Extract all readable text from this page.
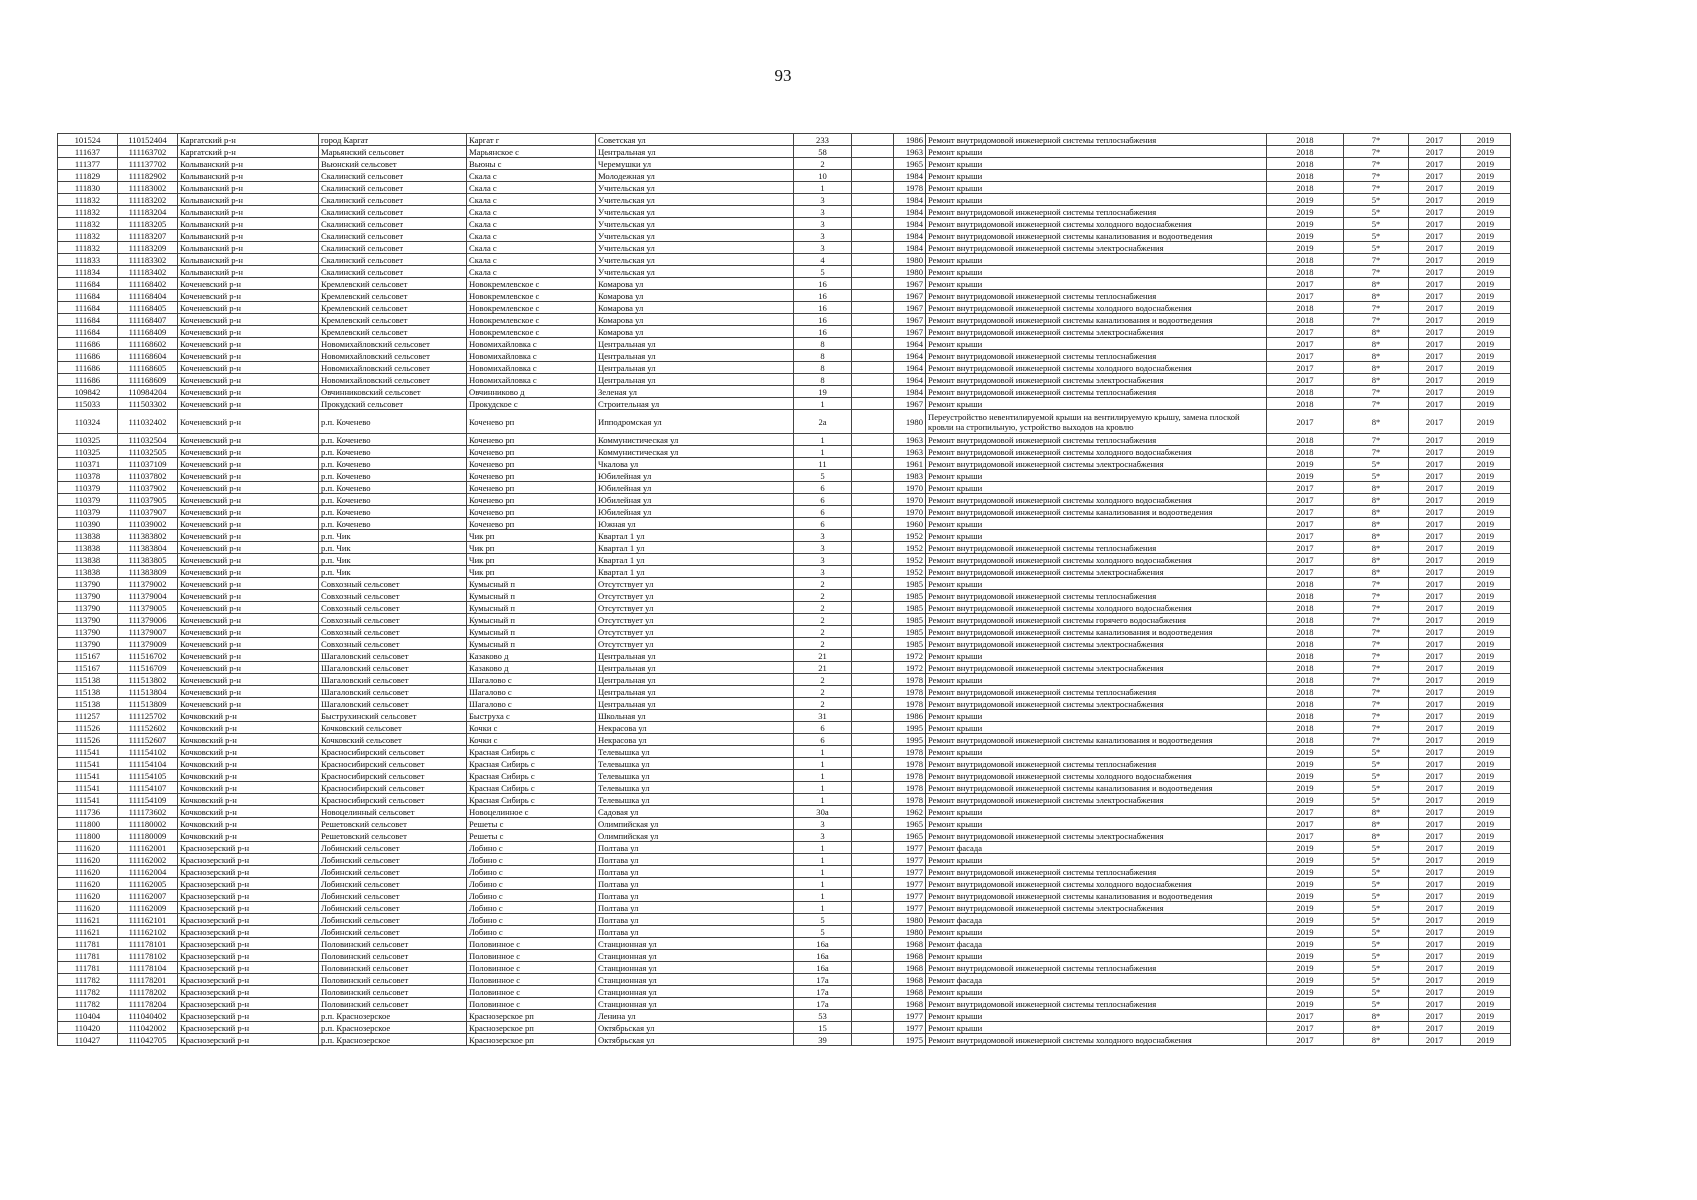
93
101524	110152404	Каргатский р-н	город Каргат	Каргат г	Советская ул	233		1986	Ремонт внутридомовой инженерной системы теплоснабжения	2018	7*	2017	2019
111637	111163702	Каргатский р-н	Марьянский сельсовет	Марьянское с	Центральная ул	58		1963	Ремонт крыши	2018	7*	2017	2019
111377	111137702	Колыванский р-н	Вьюнский сельсовет	Вьюны с	Черемушки ул	2		1965	Ремонт крыши	2018	7*	2017	2019
111829	111182902	Колыванский р-н	Скалинский сельсовет	Скала с	Молодежная ул	10		1984	Ремонт крыши	2018	7*	2017	2019
111830	111183002	Колыванский р-н	Скалинский сельсовет	Скала с	Учительская ул	1		1978	Ремонт крыши	2018	7*	2017	2019
111832	111183202	Колыванский р-н	Скалинский сельсовет	Скала с	Учительская ул	3		1984	Ремонт крыши	2019	5*	2017	2019
111832	111183204	Колыванский р-н	Скалинский сельсовет	Скала с	Учительская ул	3		1984	Ремонт внутридомовой инженерной системы теплоснабжения	2019	5*	2017	2019
111832	111183205	Колыванский р-н	Скалинский сельсовет	Скала с	Учительская ул	3		1984	Ремонт внутридомовой инженерной системы холодного водоснабжения	2019	5*	2017	2019
111832	111183207	Колыванский р-н	Скалинский сельсовет	Скала с	Учительская ул	3		1984	Ремонт внутридомовой инженерной системы канализования и водоотведения	2019	5*	2017	2019
111832	111183209	Колыванский р-н	Скалинский сельсовет	Скала с	Учительская ул	3		1984	Ремонт внутридомовой инженерной системы электроснабжения	2019	5*	2017	2019
111833	111183302	Колыванский р-н	Скалинский сельсовет	Скала с	Учительская ул	4		1980	Ремонт крыши	2018	7*	2017	2019
111834	111183402	Колыванский р-н	Скалинский сельсовет	Скала с	Учительская ул	5		1980	Ремонт крыши	2018	7*	2017	2019
111684	111168402	Коченевский р-н	Кремлевский сельсовет	Новокремлевское с	Комарова ул	16		1967	Ремонт крыши	2017	8*	2017	2019
111684	111168404	Коченевский р-н	Кремлевский сельсовет	Новокремлевское с	Комарова ул	16		1967	Ремонт внутридомовой инженерной системы теплоснабжения	2017	8*	2017	2019
111684	111168405	Коченевский р-н	Кремлевский сельсовет	Новокремлевское с	Комарова ул	16		1967	Ремонт внутридомовой инженерной системы холодного водоснабжения	2018	7*	2017	2019
111684	111168407	Коченевский р-н	Кремлевский сельсовет	Новокремлевское с	Комарова ул	16		1967	Ремонт внутридомовой инженерной системы канализования и водоотведения	2018	7*	2017	2019
111684	111168409	Коченевский р-н	Кремлевский сельсовет	Новокремлевское с	Комарова ул	16		1967	Ремонт внутридомовой инженерной системы электроснабжения	2017	8*	2017	2019
111686	111168602	Коченевский р-н	Новомихайловский сельсовет	Новомихайловка с	Центральная ул	8		1964	Ремонт крыши	2017	8*	2017	2019
111686	111168604	Коченевский р-н	Новомихайловский сельсовет	Новомихайловка с	Центральная ул	8		1964	Ремонт внутридомовой инженерной системы теплоснабжения	2017	8*	2017	2019
111686	111168605	Коченевский р-н	Новомихайловский сельсовет	Новомихайловка с	Центральная ул	8		1964	Ремонт внутридомовой инженерной системы холодного водоснабжения	2017	8*	2017	2019
111686	111168609	Коченевский р-н	Новомихайловский сельсовет	Новомихайловка с	Центральная ул	8		1964	Ремонт внутридомовой инженерной системы электроснабжения	2017	8*	2017	2019
109842	110984204	Коченевский р-н	Овчинниковский сельсовет	Овчинниково д	Зеленая ул	19		1984	Ремонт внутридомовой инженерной системы теплоснабжения	2018	7*	2017	2019
115033	111503302	Коченевский р-н	Прокудский сельсовет	Прокудское с	Строительная ул	1		1967	Ремонт крыши	2018	7*	2017	2019
110324	111032402	Коченевский р-н	р.п. Коченево	Коченево рп	Ипподромская ул	2а		1980	Переустройство невентилируемой крыши на вентилируемую крышу, замена плоской кровли на стропильную, устройство выходов на кровлю	2017	8*	2017	2019
110325	111032504	Коченевский р-н	р.п. Коченево	Коченево рп	Коммунистическая ул	1		1963	Ремонт внутридомовой инженерной системы теплоснабжения	2018	7*	2017	2019
110325	111032505	Коченевский р-н	р.п. Коченево	Коченево рп	Коммунистическая ул	1		1963	Ремонт внутридомовой инженерной системы холодного водоснабжения	2018	7*	2017	2019
110371	111037109	Коченевский р-н	р.п. Коченево	Коченево рп	Чкалова ул	11		1961	Ремонт внутридомовой инженерной системы электроснабжения	2019	5*	2017	2019
110378	111037802	Коченевский р-н	р.п. Коченево	Коченево рп	Юбилейная ул	5		1983	Ремонт крыши	2019	5*	2017	2019
110379	111037902	Коченевский р-н	р.п. Коченево	Коченево рп	Юбилейная ул	6		1970	Ремонт крыши	2017	8*	2017	2019
110379	111037905	Коченевский р-н	р.п. Коченево	Коченево рп	Юбилейная ул	6		1970	Ремонт внутридомовой инженерной системы холодного водоснабжения	2017	8*	2017	2019
110379	111037907	Коченевский р-н	р.п. Коченево	Коченево рп	Юбилейная ул	6		1970	Ремонт внутридомовой инженерной системы канализования и водоотведения	2017	8*	2017	2019
110390	111039002	Коченевский р-н	р.п. Коченево	Коченево рп	Южная ул	6		1960	Ремонт крыши	2017	8*	2017	2019
113838	111383802	Коченевский р-н	р.п. Чик	Чик рп	Квартал 1 ул	3		1952	Ремонт крыши	2017	8*	2017	2019
113838	111383804	Коченевский р-н	р.п. Чик	Чик рп	Квартал 1 ул	3		1952	Ремонт внутридомовой инженерной системы теплоснабжения	2017	8*	2017	2019
113838	111383805	Коченевский р-н	р.п. Чик	Чик рп	Квартал 1 ул	3		1952	Ремонт внутридомовой инженерной системы холодного водоснабжения	2017	8*	2017	2019
113838	111383809	Коченевский р-н	р.п. Чик	Чик рп	Квартал 1 ул	3		1952	Ремонт внутридомовой инженерной системы электроснабжения	2017	8*	2017	2019
113790	111379002	Коченевский р-н	Совхозный сельсовет	Кумысный п	Отсутствует ул	2		1985	Ремонт крыши	2018	7*	2017	2019
113790	111379004	Коченевский р-н	Совхозный сельсовет	Кумысный п	Отсутствует ул	2		1985	Ремонт внутридомовой инженерной системы теплоснабжения	2018	7*	2017	2019
113790	111379005	Коченевский р-н	Совхозный сельсовет	Кумысный п	Отсутствует ул	2		1985	Ремонт внутридомовой инженерной системы холодного водоснабжения	2018	7*	2017	2019
113790	111379006	Коченевский р-н	Совхозный сельсовет	Кумысный п	Отсутствует ул	2		1985	Ремонт внутридомовой инженерной системы горячего водоснабжения	2018	7*	2017	2019
113790	111379007	Коченевский р-н	Совхозный сельсовет	Кумысный п	Отсутствует ул	2		1985	Ремонт внутридомовой инженерной системы канализования и водоотведения	2018	7*	2017	2019
113790	111379009	Коченевский р-н	Совхозный сельсовет	Кумысный п	Отсутствует ул	2		1985	Ремонт внутридомовой инженерной системы электроснабжения	2018	7*	2017	2019
115167	111516702	Коченевский р-н	Шагаловский сельсовет	Казаково д	Центральная ул	21		1972	Ремонт крыши	2018	7*	2017	2019
115167	111516709	Коченевский р-н	Шагаловский сельсовет	Казаково д	Центральная ул	21		1972	Ремонт внутридомовой инженерной системы электроснабжения	2018	7*	2017	2019
115138	111513802	Коченевский р-н	Шагаловский сельсовет	Шагалово с	Центральная ул	2		1978	Ремонт крыши	2018	7*	2017	2019
115138	111513804	Коченевский р-н	Шагаловский сельсовет	Шагалово с	Центральная ул	2		1978	Ремонт внутридомовой инженерной системы теплоснабжения	2018	7*	2017	2019
115138	111513809	Коченевский р-н	Шагаловский сельсовет	Шагалово с	Центральная ул	2		1978	Ремонт внутридомовой инженерной системы электроснабжения	2018	7*	2017	2019
111257	111125702	Кочковский р-н	Быструхинский сельсовет	Быструха с	Школьная ул	31		1986	Ремонт крыши	2018	7*	2017	2019
111526	111152602	Кочковский р-н	Кочковский сельсовет	Кочки с	Некрасова ул	6		1995	Ремонт крыши	2018	7*	2017	2019
111526	111152607	Кочковский р-н	Кочковский сельсовет	Кочки с	Некрасова ул	6		1995	Ремонт внутридомовой инженерной системы канализования и водоотведения	2018	7*	2017	2019
111541	111154102	Кочковский р-н	Красносибирский сельсовет	Красная Сибирь с	Телевышка ул	1		1978	Ремонт крыши	2019	5*	2017	2019
111541	111154104	Кочковский р-н	Красносибирский сельсовет	Красная Сибирь с	Телевышка ул	1		1978	Ремонт внутридомовой инженерной системы теплоснабжения	2019	5*	2017	2019
111541	111154105	Кочковский р-н	Красносибирский сельсовет	Красная Сибирь с	Телевышка ул	1		1978	Ремонт внутридомовой инженерной системы холодного водоснабжения	2019	5*	2017	2019
111541	111154107	Кочковский р-н	Красносибирский сельсовет	Красная Сибирь с	Телевышка ул	1		1978	Ремонт внутридомовой инженерной системы канализования и водоотведения	2019	5*	2017	2019
111541	111154109	Кочковский р-н	Красносибирский сельсовет	Красная Сибирь с	Телевышка ул	1		1978	Ремонт внутридомовой инженерной системы электроснабжения	2019	5*	2017	2019
111736	111173602	Кочковский р-н	Новоцелинный сельсовет	Новоцелинное с	Садовая ул	30а		1962	Ремонт крыши	2017	8*	2017	2019
111800	111180002	Кочковский р-н	Решетовский сельсовет	Решеты с	Олимпийская ул	3		1965	Ремонт крыши	2017	8*	2017	2019
111800	111180009	Кочковский р-н	Решетовский сельсовет	Решеты с	Олимпийская ул	3		1965	Ремонт внутридомовой инженерной системы электроснабжения	2017	8*	2017	2019
111620	111162001	Краснозерский р-н	Лобинский сельсовет	Лобино с	Полтава ул	1		1977	Ремонт фасада	2019	5*	2017	2019
111620	111162002	Краснозерский р-н	Лобинский сельсовет	Лобино с	Полтава ул	1		1977	Ремонт крыши	2019	5*	2017	2019
111620	111162004	Краснозерский р-н	Лобинский сельсовет	Лобино с	Полтава ул	1		1977	Ремонт внутридомовой инженерной системы теплоснабжения	2019	5*	2017	2019
111620	111162005	Краснозерский р-н	Лобинский сельсовет	Лобино с	Полтава ул	1		1977	Ремонт внутридомовой инженерной системы холодного водоснабжения	2019	5*	2017	2019
111620	111162007	Краснозерский р-н	Лобинский сельсовет	Лобино с	Полтава ул	1		1977	Ремонт внутридомовой инженерной системы канализования и водоотведения	2019	5*	2017	2019
111620	111162009	Краснозерский р-н	Лобинский сельсовет	Лобино с	Полтава ул	1		1977	Ремонт внутридомовой инженерной системы электроснабжения	2019	5*	2017	2019
111621	111162101	Краснозерский р-н	Лобинский сельсовет	Лобино с	Полтава ул	5		1980	Ремонт фасада	2019	5*	2017	2019
111621	111162102	Краснозерский р-н	Лобинский сельсовет	Лобино с	Полтава ул	5		1980	Ремонт крыши	2019	5*	2017	2019
111781	111178101	Краснозерский р-н	Половинский сельсовет	Половинное с	Станционная ул	16а		1968	Ремонт фасада	2019	5*	2017	2019
111781	111178102	Краснозерский р-н	Половинский сельсовет	Половинное с	Станционная ул	16а		1968	Ремонт крыши	2019	5*	2017	2019
111781	111178104	Краснозерский р-н	Половинский сельсовет	Половинное с	Станционная ул	16а		1968	Ремонт внутридомовой инженерной системы теплоснабжения	2019	5*	2017	2019
111782	111178201	Краснозерский р-н	Половинский сельсовет	Половинное с	Станционная ул	17а		1968	Ремонт фасада	2019	5*	2017	2019
111782	111178202	Краснозерский р-н	Половинский сельсовет	Половинное с	Станционная ул	17а		1968	Ремонт крыши	2019	5*	2017	2019
111782	111178204	Краснозерский р-н	Половинский сельсовет	Половинное с	Станционная ул	17а		1968	Ремонт внутридомовой инженерной системы теплоснабжения	2019	5*	2017	2019
110404	111040402	Краснозерский р-н	р.п. Краснозерское	Краснозерское рп	Ленина ул	53		1977	Ремонт крыши	2017	8*	2017	2019
110420	111042002	Краснозерский р-н	р.п. Краснозерское	Краснозерское рп	Октябрьская ул	15		1977	Ремонт крыши	2017	8*	2017	2019
110427	111042705	Краснозерский р-н	р.п. Краснозерское	Краснозерское рп	Октябрьская ул	39		1975	Ремонт внутридомовой инженерной системы холодного водоснабжения	2017	8*	2017	2019
